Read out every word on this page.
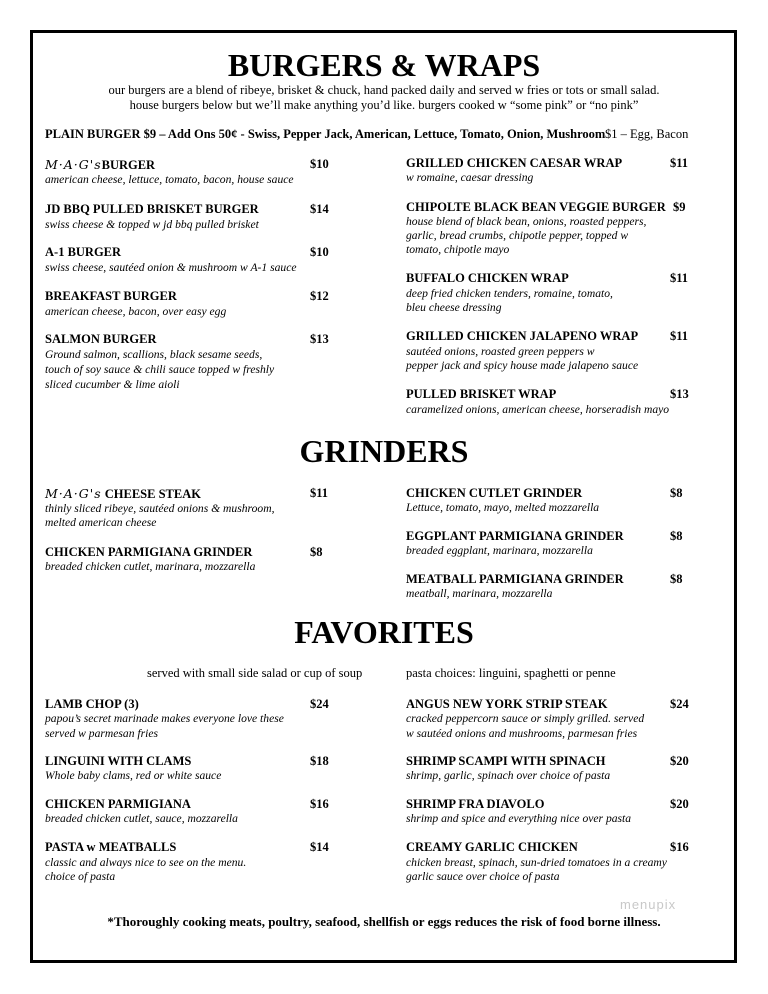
BURGERS & WRAPS
our burgers are a blend of ribeye, brisket & chuck, hand packed daily and served w fries or tots or small salad.
house burgers below but we’ll make anything you’d like. burgers cooked w “some pink” or “no pink”
PLAIN BURGER $9 – Add Ons 50¢ - Swiss, Pepper Jack, American, Lettuce, Tomato, Onion, Mushroom $1 – Egg, Bacon
M·A·G'sBURGER	$10
american cheese, lettuce, tomato, bacon, house sauce
JD BBQ PULLED BRISKET BURGER	$14
swiss cheese & topped w jd bbq pulled brisket
A-1 BURGER	$10
swiss cheese, sautéed onion & mushroom w A-1 sauce
BREAKFAST BURGER	$12
american cheese, bacon, over easy egg
SALMON BURGER	$13
Ground salmon, scallions, black sesame seeds,
touch of soy sauce & chili sauce topped w freshly
sliced cucumber & lime aioli
GRILLED CHICKEN CAESAR WRAP	$11
w romaine, caesar dressing
CHIPOLTE BLACK BEAN VEGGIE BURGER $9
house blend of black bean, onions, roasted peppers,
garlic, bread crumbs, chipotle pepper, topped w
tomato, chipotle mayo
BUFFALO CHICKEN WRAP	$11
deep fried chicken tenders, romaine, tomato,
bleu cheese dressing
GRILLED CHICKEN JALAPENO WRAP	$11
sautéed onions, roasted green peppers w
pepper jack and spicy house made jalapeno sauce
PULLED BRISKET WRAP	$13
caramelized onions, american cheese, horseradish mayo
GRINDERS
M·A·G's CHEESE STEAK	$11
thinly sliced ribeye, sautéed onions & mushroom,
melted american cheese
CHICKEN PARMIGIANA GRINDER	$8
breaded chicken cutlet, marinara, mozzarella
CHICKEN CUTLET GRINDER	$8
Lettuce, tomato, mayo, melted mozzarella
EGGPLANT PARMIGIANA GRINDER	$8
breaded eggplant, marinara, mozzarella
MEATBALL PARMIGIANA GRINDER	$8
meatball, marinara, mozzarella
FAVORITES
served with small side salad or cup of soup	pasta choices: linguini, spaghetti or penne
LAMB CHOP (3)	$24
papou’s secret marinade makes everyone love these
served w parmesan fries
LINGUINI WITH CLAMS	$18
Whole baby clams, red or white sauce
CHICKEN PARMIGIANA	$16
breaded chicken cutlet, sauce, mozzarella
PASTA w MEATBALLS	$14
classic and always nice to see on the menu.
choice of pasta
ANGUS NEW YORK STRIP STEAK	$24
cracked peppercorn sauce or simply grilled. served
w sautéed onions and mushrooms, parmesan fries
SHRIMP SCAMPI WITH SPINACH	$20
shrimp, garlic, spinach over choice of pasta
SHRIMP FRA DIAVOLO	$20
shrimp and spice and everything nice over pasta
CREAMY GARLIC CHICKEN	$16
chicken breast, spinach, sun-dried tomatoes in a creamy
garlic sauce over choice of pasta
menupix
*Thoroughly cooking meats, poultry, seafood, shellfish or eggs reduces the risk of food borne illness.
